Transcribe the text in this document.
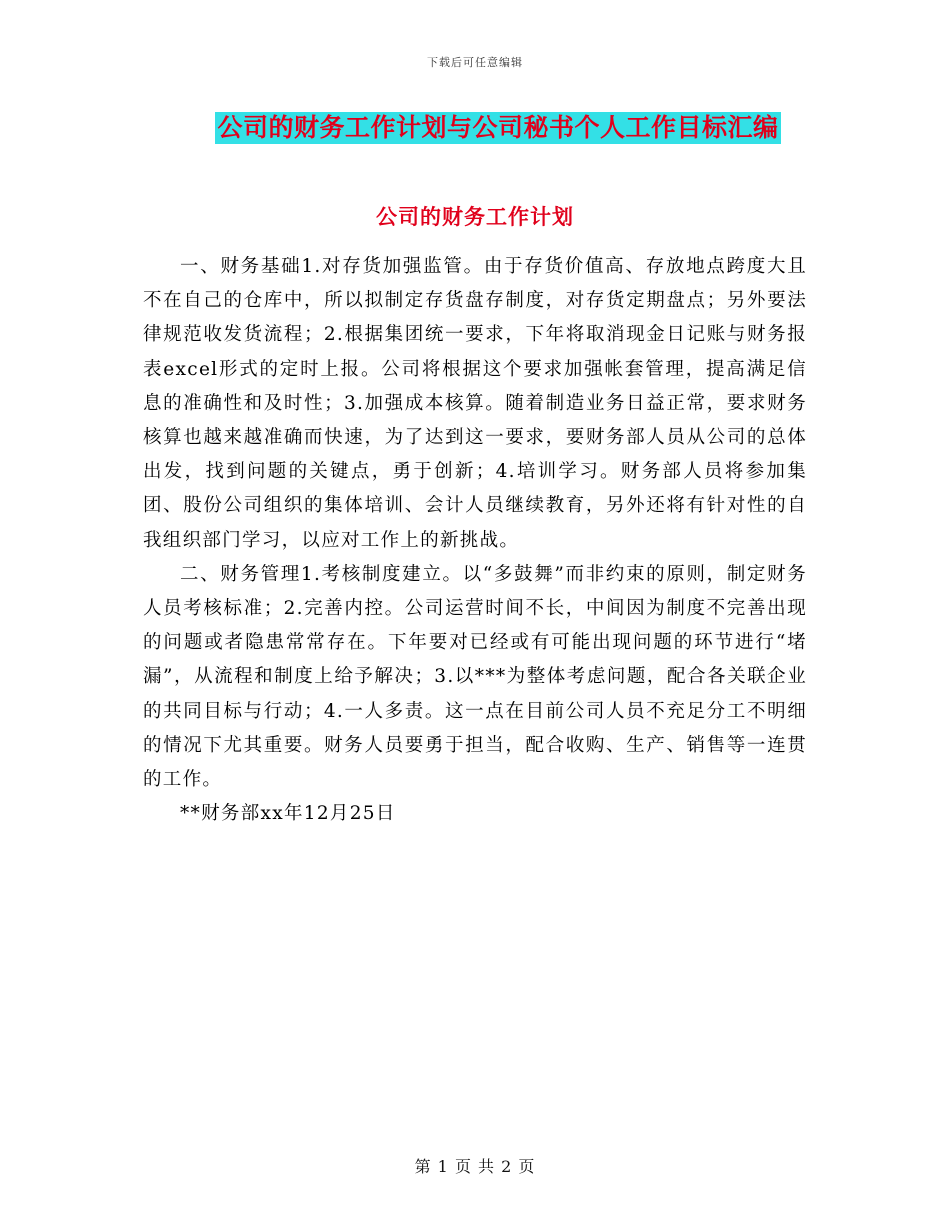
下载后可任意编辑
公司的财务工作计划与公司秘书个人工作目标汇编
公司的财务工作计划

一、财务基础1.对存货加强监管。由于存货价值高、存放地点跨度大且不在自己的仓库中，所以拟制定存货盘存制度，对存货定期盘点；另外要法律规范收发货流程；2.根据集团统一要求，下年将取消现金日记账与财务报表excel形式的定时上报。公司将根据这个要求加强帐套管理，提高满足信息的准确性和及时性；3.加强成本核算。随着制造业务日益正常，要求财务核算也越来越准确而快速，为了达到这一要求，要财务部人员从公司的总体出发，找到问题的关键点，勇于创新；4.培训学习。财务部人员将参加集团、股份公司组织的集体培训、会计人员继续教育，另外还将有针对性的自我组织部门学习，以应对工作上的新挑战。

二、财务管理1.考核制度建立。以“多鼓舞”而非约束的原则，制定财务人员考核标准；2.完善内控。公司运营时间不长，中间因为制度不完善出现的问题或者隐患常常存在。下年要对已经或有可能出现问题的环节进行“堵漏”，从流程和制度上给予解决；3.以***为整体考虑问题，配合各关联企业的共同目标与行动；4.一人多责。这一点在目前公司人员不充足分工不明细的情况下尤其重要。财务人员要勇于担当，配合收购、生产、销售等一连贯的工作。

**财务部xx年12月25日

第 1 页 共 2 页
